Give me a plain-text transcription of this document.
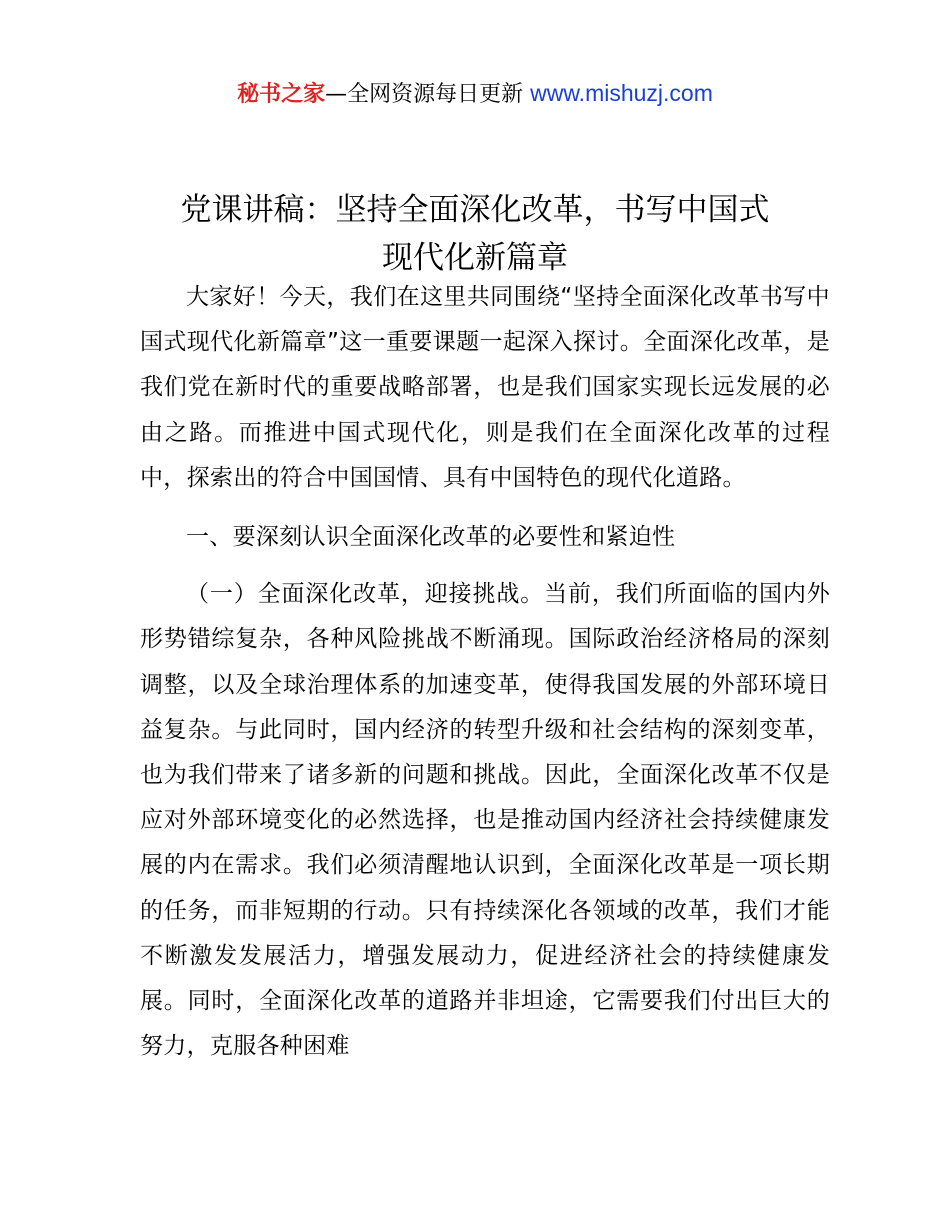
秘书之家—全网资源每日更新 www.mishuzj.com
党课讲稿：坚持全面深化改革，书写中国式
现代化新篇章

大家好！今天，我们在这里共同围绕“坚持全面深化改革书写中国式现代化新篇章”这一重要课题一起深入探讨。全面深化改革，是我们党在新时代的重要战略部署，也是我们国家实现长远发展的必由之路。而推进中国式现代化，则是我们在全面深化改革的过程中，探索出的符合中国国情、具有中国特色的现代化道路。

一、要深刻认识全面深化改革的必要性和紧迫性

（一）全面深化改革，迎接挑战。当前，我们所面临的国内外形势错综复杂，各种风险挑战不断涌现。国际政治经济格局的深刻调整，以及全球治理体系的加速变革，使得我国发展的外部环境日益复杂。与此同时，国内经济的转型升级和社会结构的深刻变革，也为我们带来了诸多新的问题和挑战。因此，全面深化改革不仅是应对外部环境变化的必然选择，也是推动国内经济社会持续健康发展的内在需求。我们必须清醒地认识到，全面深化改革是一项长期的任务，而非短期的行动。只有持续深化各领域的改革，我们才能不断激发发展活力，增强发展动力，促进经济社会的持续健康发展。同时，全面深化改革的道路并非坦途，它需要我们付出巨大的努力，克服各种困难
